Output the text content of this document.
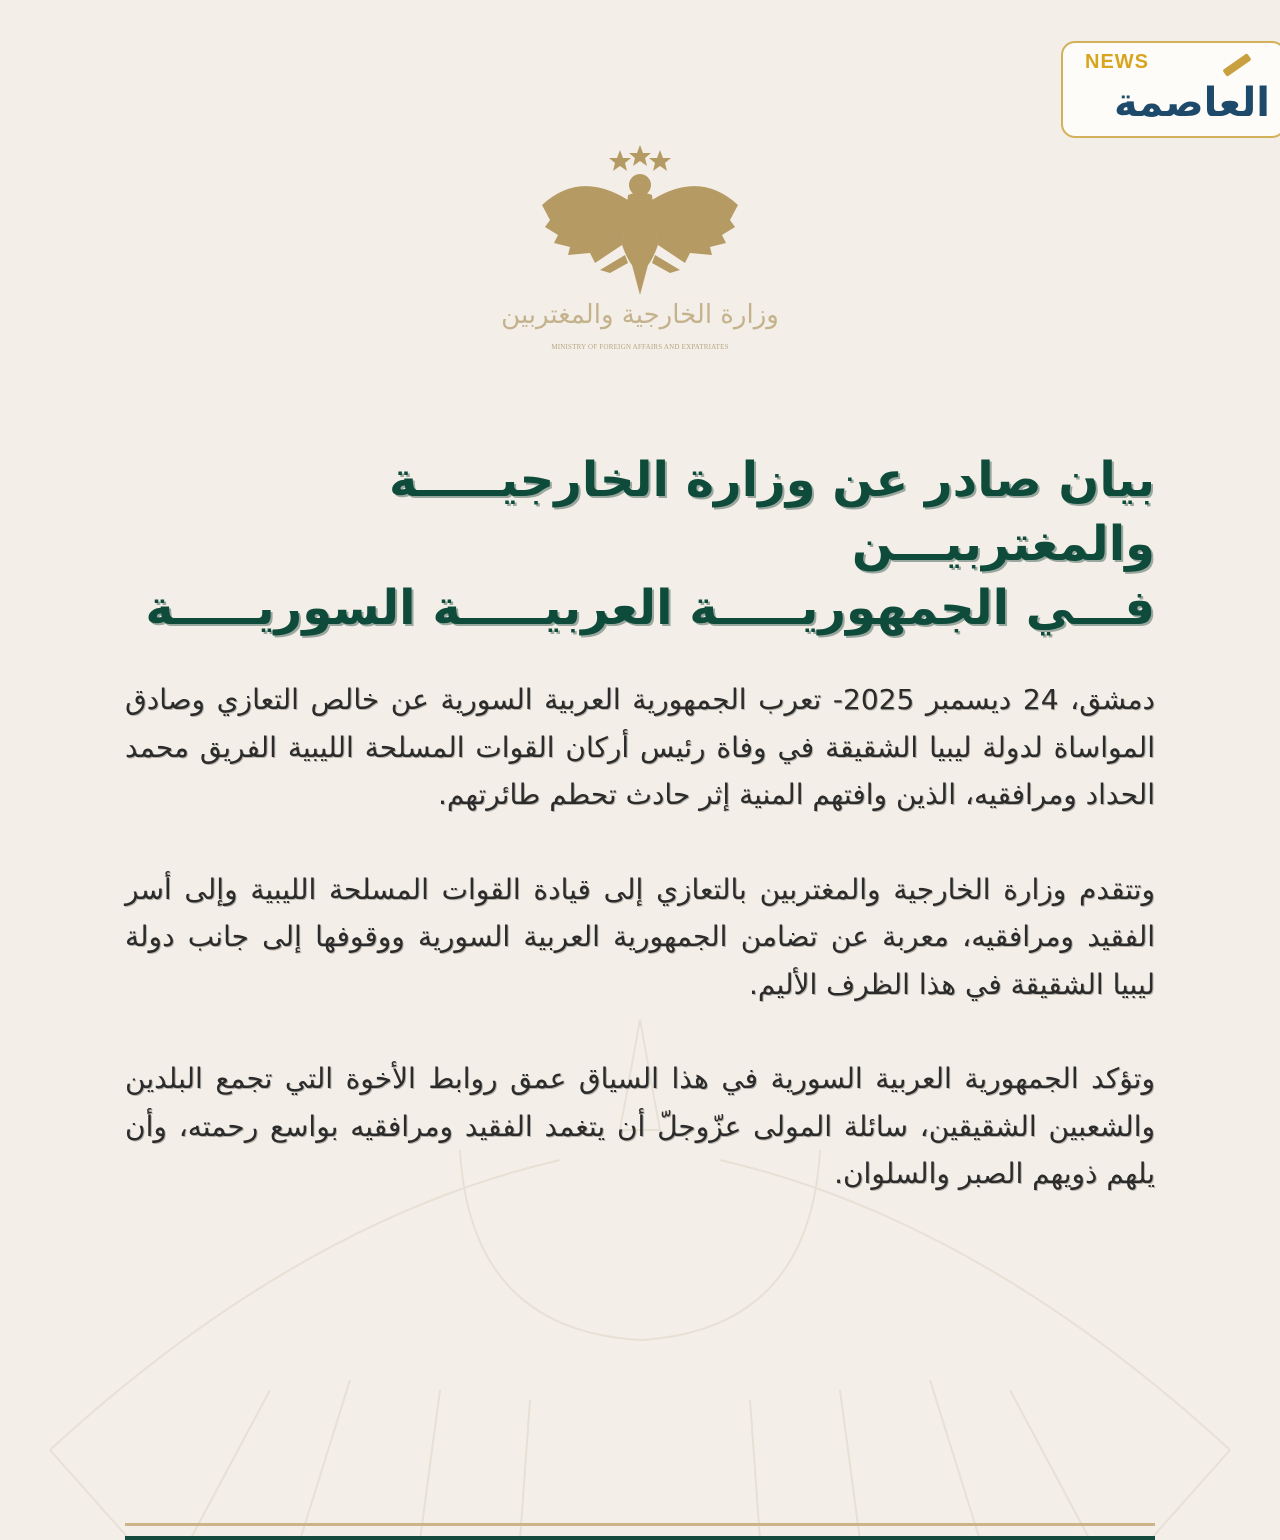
NEWS
العاصمة
وزارة الخارجية والمغتربين
MINISTRY OF FOREIGN AFFAIRS AND EXPATRIATES
بيان صادر عن وزارة الخارجيـــــة والمغتربيـــن
فـــي الجمهوريـــــة العربيـــــة السوريـــــة

دمشق، 24 ديسمبر 2025- تعرب الجمهورية العربية السورية عن خالص التعازي وصادق المواساة لدولة ليبيا الشقيقة في وفاة رئيس أركان القوات المسلحة الليبية الفريق محمد الحداد ومرافقيه، الذين وافتهم المنية إثر حادث تحطم طائرتهم.

وتتقدم وزارة الخارجية والمغتربين بالتعازي إلى قيادة القوات المسلحة الليبية وإلى أسر الفقيد ومرافقيه، معربة عن تضامن الجمهورية العربية السورية ووقوفها إلى جانب دولة ليبيا الشقيقة في هذا الظرف الأليم.

وتؤكد الجمهورية العربية السورية في هذا السياق عمق روابط الأخوة التي تجمع البلدين والشعبين الشقيقين، سائلة المولى عزّوجلّ أن يتغمد الفقيد ومرافقيه بواسع رحمته، وأن يلهم ذويهم الصبر والسلوان.
